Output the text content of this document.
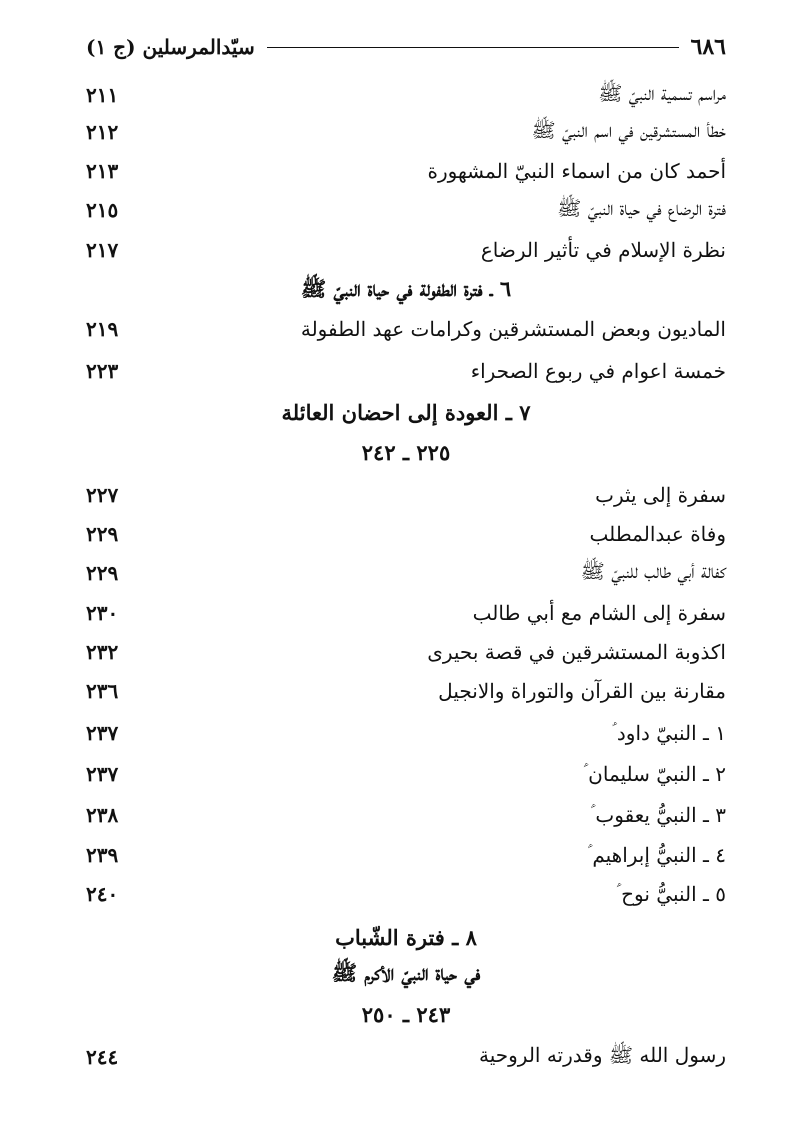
٦٨٦
سيّدالمرسلين (ج ١)
مراسم تسمية النبيّ ﷺ
٢١١
خطأ المستشرقين في اسم النبيّ ﷺ
٢١٢
أحمد كان من اسماء النبيّ المشهورة
٢١٣
فترة الرضاع في حياة النبيّ ﷺ
٢١٥
نظرة الإسلام في تأثير الرضاع
٢١٧
٦ ـ فترة الطفولة في حياة النبيّ ﷺ
الماديون وبعض المستشرقين وكرامات عهد الطفولة
٢١٩
خمسة اعوام في ربوع الصحراء
٢٢٣
٧ ـ العودة إلى احضان العائلة
٢٢٥ ـ ٢٤٢
سفرة إلى يثرب
٢٢٧
وفاة عبدالمطلب
٢٢٩
كفالة أبي طالب للنبيّ ﷺ
٢٢٩
سفرة إلى الشام مع أبي طالب
٢٣٠
اكذوبة المستشرقين في قصة بحيرى
٢٣٢
مقارنة بين القرآن والتوراة والانجيل
٢٣٦
١ ـ النبيّ داود ؑ
٢٣٧
٢ ـ النبيّ سليمان ؑ
٢٣٧
٣ ـ النبيُّ يعقوب ؑ
٢٣٨
٤ ـ النبيُّ إبراهيم ؑ
٢٣٩
٥ ـ النبيُّ نوح ؑ
٢٤٠
٨ ـ فترة الشّباب
في حياة النبيّ الأكرم ﷺ
٢٤٣ ـ ٢٥٠
رسول الله ﷺ وقدرته الروحية
٢٤٤
